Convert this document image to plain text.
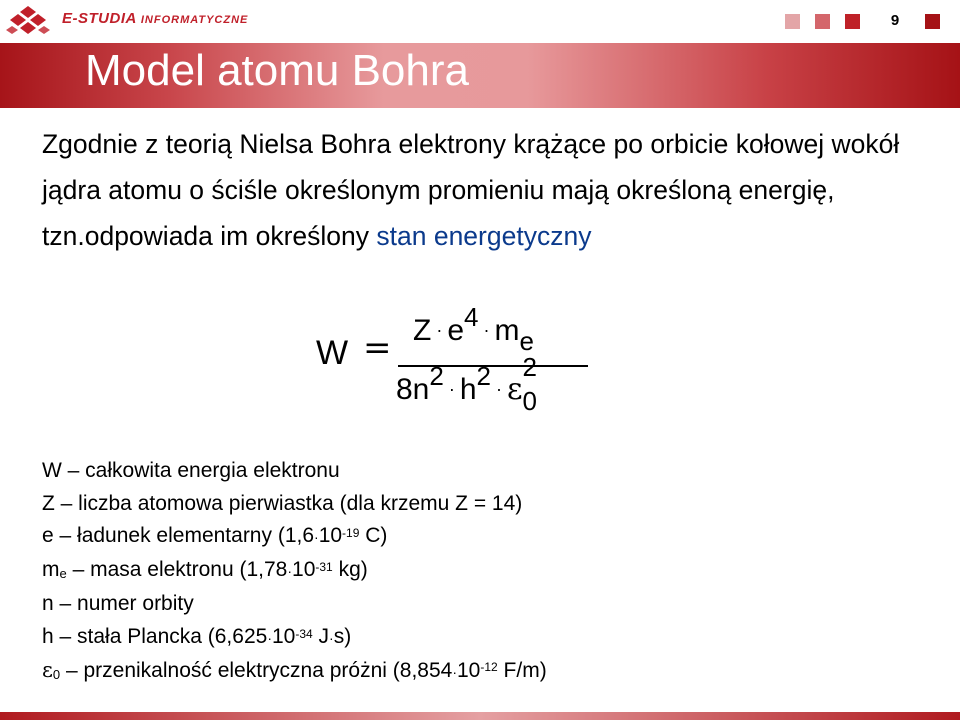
E-STUDIA INFORMATYCZNE	9
Model atomu Bohra
Zgodnie z teorią Nielsa Bohra elektrony krążące po orbicie kołowej wokół jądra atomu o ściśle określonym promieniu mają określoną energię, tzn.odpowiada im określony stan energetyczny
W = Z · e4 · me
8n2 · h2 · ε
2
0
W – całkowita energia elektronu
Z – liczba atomowa pierwiastka (dla krzemu Z = 14)
e – ładunek elementarny ($1,6\cdot 10^{-19}$ C)
$m_e$ – masa elektronu ($1,78\cdot 10^{-31}$ kg)
n – numer orbity
h – stała Plancka ($6,625\cdot 10^{-34}$ J·s)
$\varepsilon_0$ – przenikalność elektryczna próżni ($8,854\cdot 10^{-12}$ F/m)
